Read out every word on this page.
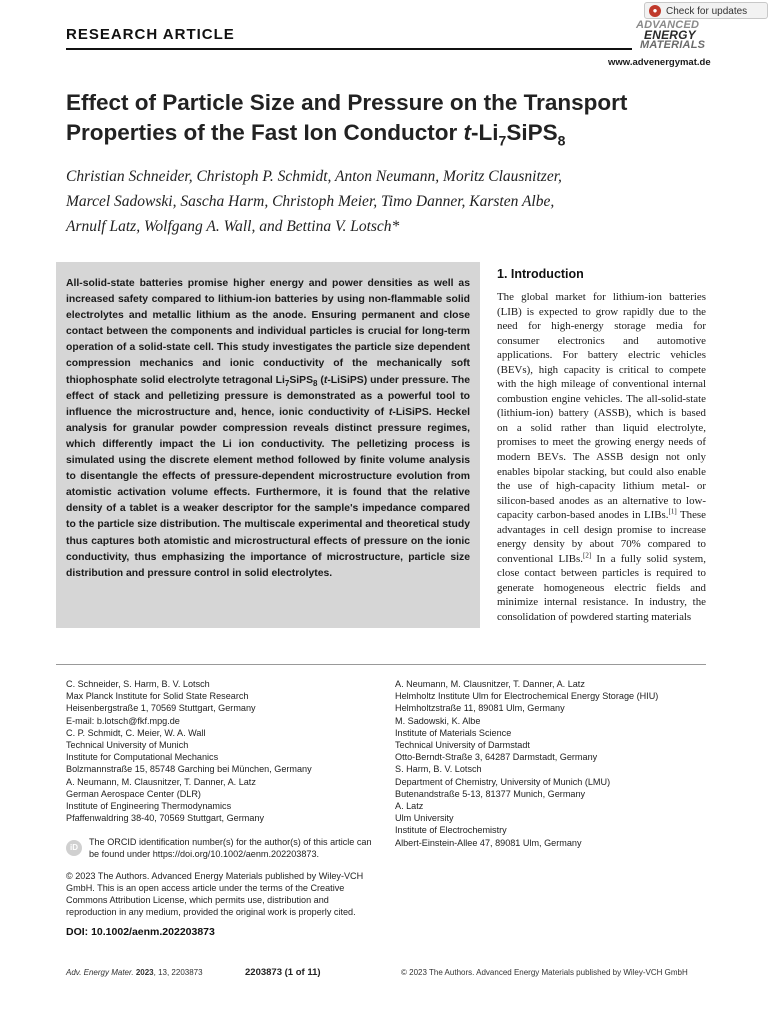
● Check for updates
RESEARCH ARTICLE
ADVANCED
ENERGY
MATERIALS
www.advenergymat.de
Effect of Particle Size and Pressure on the Transport
Properties of the Fast Ion Conductor $t-Li_7SiPS_8$
Christian Schneider, Christoph P. Schmidt, Anton Neumann, Moritz Clausnitzer,
Marcel Sadowski, Sascha Harm, Christoph Meier, Timo Danner, Karsten Albe,
Arnulf Latz, Wolfgang A. Wall, and Bettina V. Lotsch*
All-solid-state batteries promise higher energy and power densities as well as increased safety compared to lithium-ion batteries by using non-flammable solid electrolytes and metallic lithium as the anode. Ensuring permanent and close contact between the components and individual particles is crucial for long-term operation of a solid-state cell. This study investigates the particle size dependent compression mechanics and ionic conductivity of the mechanically soft thiophosphate solid electrolyte tetragonal $Li_7SiPS_8$ (t-LiSiPS) under pressure. The effect of stack and pelletizing pressure is demonstrated as a powerful tool to influence the microstructure and, hence, ionic conductivity of t-LiSiPS. Heckel analysis for granular powder compression reveals distinct pressure regimes, which differently impact the Li ion conductivity. The pelletizing process is simulated using the discrete element method followed by finite volume analysis to disentangle the effects of pressure-dependent microstructure evolution from atomistic activation volume effects. Furthermore, it is found that the relative density of a tablet is a weaker descriptor for the sample's impedance compared to the particle size distribution. The multiscale experimental and theoretical study thus captures both atomistic and microstructural effects of pressure on the ionic conductivity, thus emphasizing the importance of microstructure, particle size distribution and pressure control in solid electrolytes.
1. Introduction
The global market for lithium-ion batteries (LIB) is expected to grow rapidly due to the need for high-energy storage media for consumer electronics and automotive applications. For battery electric vehicles (BEVs), high capacity is critical to compete with the high mileage of conventional internal combustion engine vehicles. The all-solid-state (lithium-ion) battery (ASSB), which is based on a solid rather than liquid electrolyte, promises to meet the growing energy needs of modern BEVs. The ASSB design not only enables bipolar stacking, but could also enable the use of high-capacity lithium metal- or silicon-based anodes as an alternative to low-capacity carbon-based anodes in LIBs.[1] These advantages in cell design promise to increase energy density by about 70% compared to conventional LIBs.[2] In a fully solid system, close contact between particles is required to generate homogeneous electric fields and minimize internal resistance. In industry, the consolidation of powdered starting materials
C. Schneider, S. Harm, B. V. Lotsch
Max Planck Institute for Solid State Research
Heisenbergstraße 1, 70569 Stuttgart, Germany
E-mail: b.lotsch@fkf.mpg.de
C. P. Schmidt, C. Meier, W. A. Wall
Technical University of Munich
Institute for Computational Mechanics
Bolzmannstraße 15, 85748 Garching bei München, Germany
A. Neumann, M. Clausnitzer, T. Danner, A. Latz
German Aerospace Center (DLR)
Institute of Engineering Thermodynamics
Pfaffenwaldring 38-40, 70569 Stuttgart, Germany
A. Neumann, M. Clausnitzer, T. Danner, A. Latz
Helmholtz Institute Ulm for Electrochemical Energy Storage (HIU)
Helmholtzstraße 11, 89081 Ulm, Germany
M. Sadowski, K. Albe
Institute of Materials Science
Technical University of Darmstadt
Otto-Berndt-Straße 3, 64287 Darmstadt, Germany
S. Harm, B. V. Lotsch
Department of Chemistry, University of Munich (LMU)
Butenandstraße 5-13, 81377 Munich, Germany
A. Latz
Ulm University
Institute of Electrochemistry
Albert-Einstein-Allee 47, 89081 Ulm, Germany
iD
The ORCID identification number(s) for the author(s) of this article can be found under https://doi.org/10.1002/aenm.202203873.
© 2023 The Authors. Advanced Energy Materials published by Wiley-VCH GmbH. This is an open access article under the terms of the Creative Commons Attribution License, which permits use, distribution and reproduction in any medium, provided the original work is properly cited.
DOI: 10.1002/aenm.202203873
Adv. Energy Mater. 2023, 13, 2203873	2203873 (1 of 11)	© 2023 The Authors. Advanced Energy Materials published by Wiley-VCH GmbH
